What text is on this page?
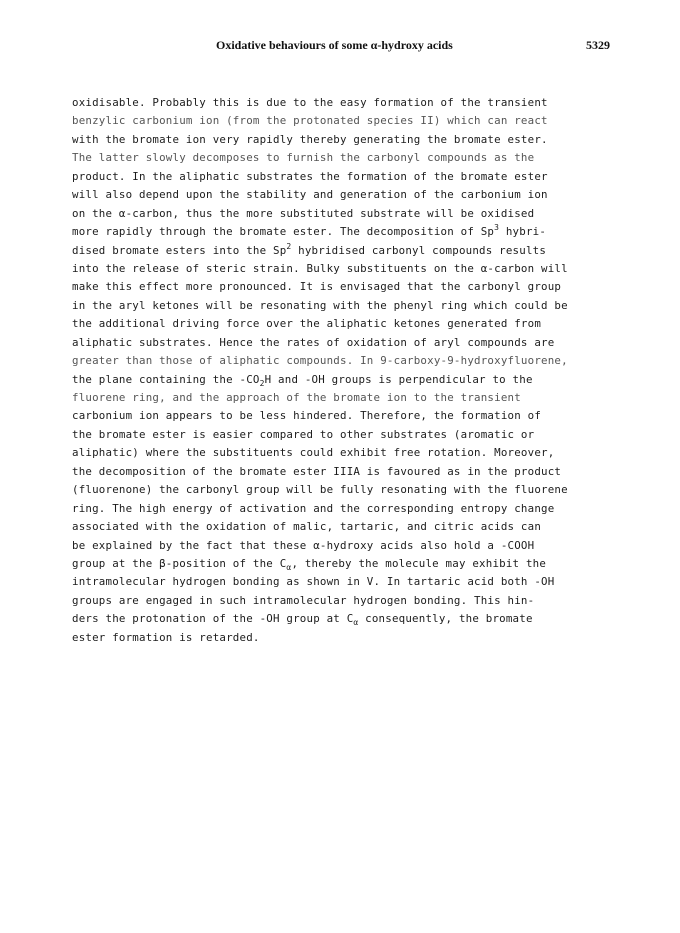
Oxidative behaviours of some α-hydroxy acids	5329
oxidisable. Probably this is due to the easy formation of the transient
benzylic carbonium ion (from the protonated species II) which can react
with the bromate ion very rapidly thereby generating the bromate ester.
The latter slowly decomposes to furnish the carbonyl compounds as the
product. In the aliphatic substrates the formation of the bromate ester
will also depend upon the stability and generation of the carbonium ion
on the α-carbon, thus the more substituted substrate will be oxidised
more rapidly through the bromate ester. The decomposition of Sp$^3$ hybri-
dised bromate esters into the Sp$^2$ hybridised carbonyl compounds results
into the release of steric strain. Bulky substituents on the α-carbon will
make this effect more pronounced. It is envisaged that the carbonyl group
in the aryl ketones will be resonating with the phenyl ring which could be
the additional driving force over the aliphatic ketones generated from
aliphatic substrates. Hence the rates of oxidation of aryl compounds are
greater than those of aliphatic compounds. In 9-carboxy-9-hydroxyfluorene,
the plane containing the $-CO_2H$ and -OH groups is perpendicular to the
fluorene ring, and the approach of the bromate ion to the transient
carbonium ion appears to be less hindered. Therefore, the formation of
the bromate ester is easier compared to other substrates (aromatic or
aliphatic) where the substituents could exhibit free rotation. Moreover,
the decomposition of the bromate ester IIIA is favoured as in the product
(fluorenone) the carbonyl group will be fully resonating with the fluorene
ring. The high energy of activation and the corresponding entropy change
associated with the oxidation of malic, tartaric, and citric acids can
be explained by the fact that these α-hydroxy acids also hold a -COOH
group at the β-position of the $C_\alpha$, thereby the molecule may exhibit the
intramolecular hydrogen bonding as shown in V. In tartaric acid both -OH
groups are engaged in such intramolecular hydrogen bonding. This hin-
ders the protonation of the -OH group at $C_\alpha$ consequently, the bromate
ester formation is retarded.
